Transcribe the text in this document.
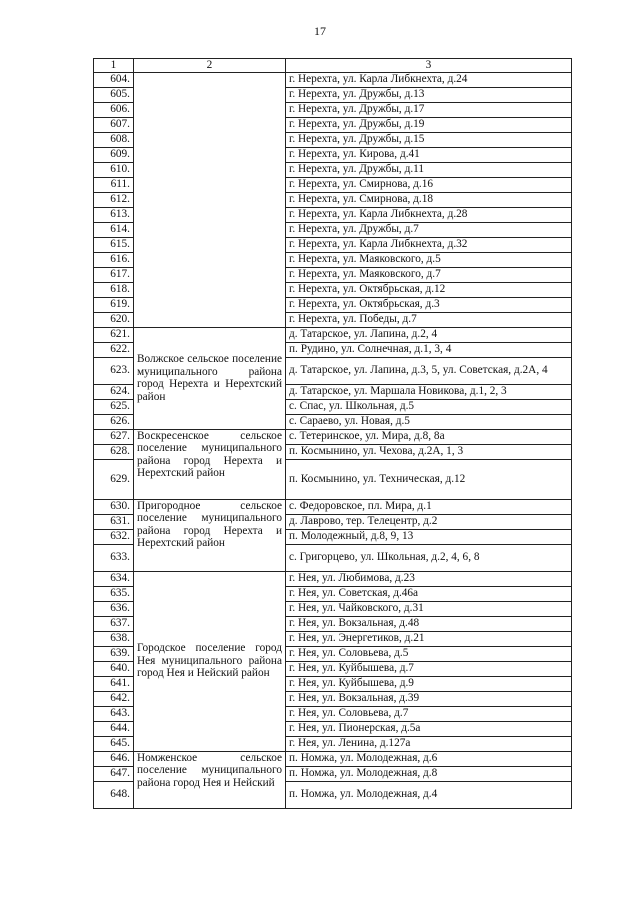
17
1	2	3
604.		г. Нерехта, ул. Карла Либкнехта, д.24
605.		г. Нерехта, ул. Дружбы, д.13
606.		г. Нерехта, ул. Дружбы, д.17
607.		г. Нерехта, ул. Дружбы, д.19
608.		г. Нерехта, ул. Дружбы, д.15
609.		г. Нерехта, ул. Кирова, д.41
610.		г. Нерехта, ул. Дружбы, д.11
611.		г. Нерехта, ул. Смирнова, д.16
612.		г. Нерехта, ул. Смирнова, д.18
613.		г. Нерехта, ул. Карла Либкнехта, д.28
614.		г. Нерехта, ул. Дружбы, д.7
615.		г. Нерехта, ул. Карла Либкнехта, д.32
616.		г. Нерехта, ул. Маяковского, д.5
617.		г. Нерехта, ул. Маяковского, д.7
618.		г. Нерехта, ул. Октябрьская, д.12
619.		г. Нерехта, ул. Октябрьская, д.3
620.		г. Нерехта, ул. Победы, д.7
621.	Волжское сельское поселение муниципального района город Нерехта и Нерехтский район	д. Татарское, ул. Лапина, д.2, 4
622.		п. Рудино, ул. Солнечная, д.1, 3, 4
623.		д. Татарское, ул. Лапина, д.3, 5, ул. Советская, д.2А, 4
624.		д. Татарское, ул. Маршала Новикова, д.1, 2, 3
625.		с. Спас, ул. Школьная, д.5
626.		с. Сараево, ул. Новая, д.5
627.	Воскресенское сельское поселение муниципального района город Нерехта и Нерехтский район	с. Тетеринское, ул. Мира, д.8, 8а
628.		п. Космынино, ул. Чехова, д.2А, 1, 3
629.		п. Космынино, ул. Техническая, д.12
630.	Пригородное сельское поселение муниципального района город Нерехта и Нерехтский район	с. Федоровское, пл. Мира, д.1
631.		д. Лаврово, тер. Телецентр, д.2
632.		п. Молодежный, д.8, 9, 13
633.		с. Григорцево, ул. Школьная, д.2, 4, 6, 8
634.	Городское поселение город Нея муниципального района город Нея и Нейский район	г. Нея, ул. Любимова, д.23
635.		г. Нея, ул. Советская, д.46а
636.		г. Нея, ул. Чайковского, д.31
637.		г. Нея, ул. Вокзальная, д.48
638.		г. Нея, ул. Энергетиков, д.21
639.		г. Нея, ул. Соловьева, д.5
640.		г. Нея, ул. Куйбышева, д.7
641.		г. Нея, ул. Куйбышева, д.9
642.		г. Нея, ул. Вокзальная, д.39
643.		г. Нея, ул. Соловьева, д.7
644.		г. Нея, ул. Пионерская, д.5а
645.		г. Нея, ул. Ленина, д.127а
646.	Номженское сельское поселение муниципального района город Нея и Нейский	п. Номжа, ул. Молодежная, д.6
647.		п. Номжа, ул. Молодежная, д.8
648.		п. Номжа, ул. Молодежная, д.4
